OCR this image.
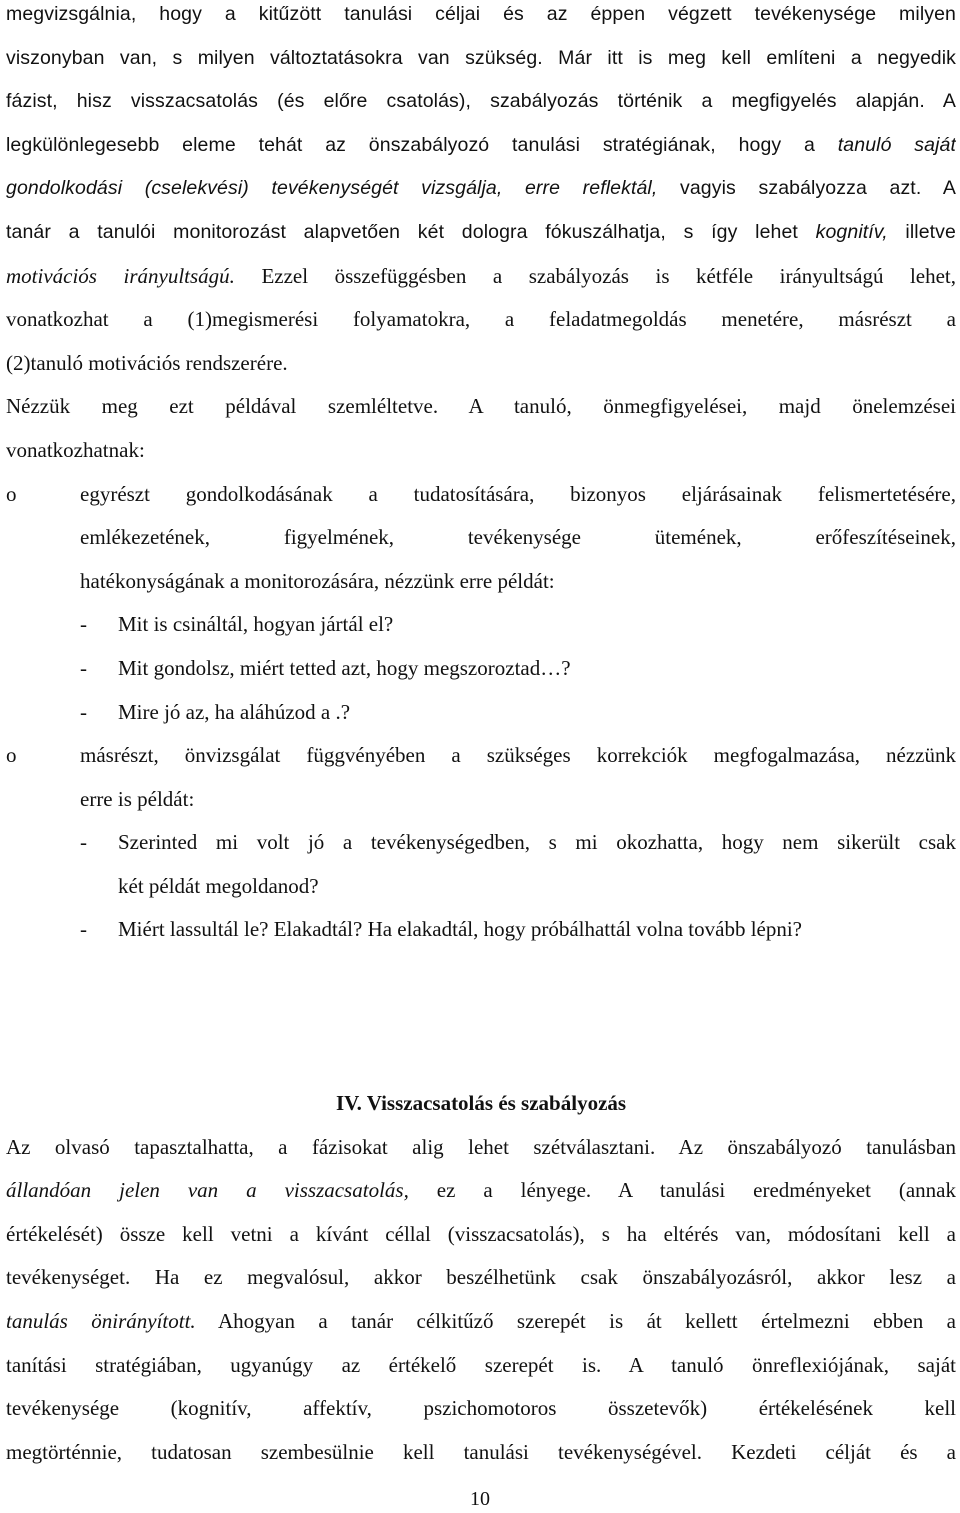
megvizsgálnia, hogy a kitűzött tanulási céljai és az éppen végzett tevékenysége milyen
viszonyban van, s milyen változtatásokra van szükség. Már itt is meg kell említeni a negyedik
fázist, hisz visszacsatolás (és előre csatolás), szabályozás történik a megfigyelés alapján. A
legkülönlegesebb eleme tehát az önszabályozó tanulási stratégiának, hogy a tanuló saját
gondolkodási (cselekvési) tevékenységét vizsgálja, erre reflektál, vagyis szabályozza azt. A
tanár a tanulói monitorozást alapvetően két dologra fókuszálhatja, s így lehet kognitív, illetve
motivációs irányultságú. Ezzel összefüggésben a szabályozás is kétféle irányultságú lehet,
vonatkozhat a (1)megismerési folyamatokra, a feladatmegoldás menetére, másrészt a
(2)tanuló motivációs rendszerére.
Nézzük meg ezt példával szemléltetve. A tanuló, önmegfigyelései, majd önelemzései
vonatkozhatnak:
o	egyrészt gondolkodásának a tudatosítására, bizonyos eljárásainak felismertetésére,
emlékezetének, figyelmének, tevékenysége ütemének, erőfeszítéseinek,
hatékonyságának a monitorozására, nézzünk erre példát:
- Mit is csináltál, hogyan jártál el?
- Mit gondolsz, miért tetted azt, hogy megszoroztad…?
- Mire jó az, ha aláhúzod a .?
o	másrészt, önvizsgálat függvényében a szükséges korrekciók megfogalmazása, nézzünk
erre is példát:
- Szerinted mi volt jó a tevékenységedben, s mi okozhatta, hogy nem sikerült csak
két példát megoldanod?
- Miért lassultál le? Elakadtál? Ha elakadtál, hogy próbálhattál volna tovább lépni?
IV. Visszacsatolás és szabályozás
Az olvasó tapasztalhatta, a fázisokat alig lehet szétválasztani. Az önszabályozó tanulásban
állandóan jelen van a visszacsatolás, ez a lényege. A tanulási eredményeket (annak
értékelését) össze kell vetni a kívánt céllal (visszacsatolás), s ha eltérés van, módosítani kell a
tevékenységet. Ha ez megvalósul, akkor beszélhetünk csak önszabályozásról, akkor lesz a
tanulás önirányított. Ahogyan a tanár célkitűző szerepét is át kellett értelmezni ebben a
tanítási stratégiában, ugyanúgy az értékelő szerepét is. A tanuló önreflexiójának, saját
tevékenysége (kognitív, affektív, pszichomotoros összetevők) értékelésének kell
megtörténnie, tudatosan szembesülnie kell tanulási tevékenységével. Kezdeti célját és a
10
